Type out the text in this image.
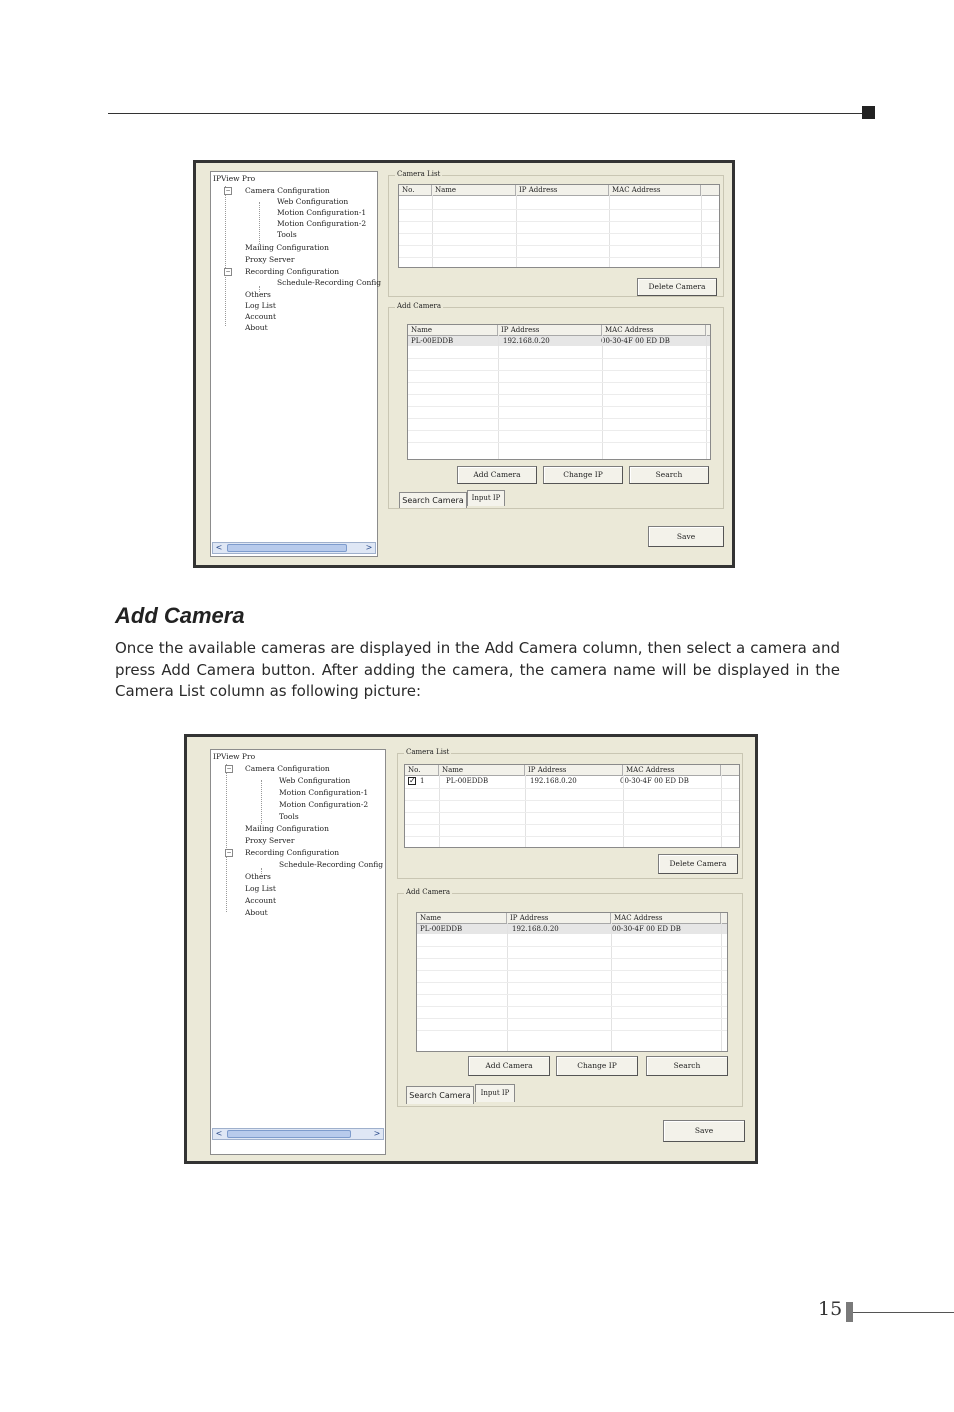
IPView Pro
− Camera Configuration
Web Configuration
Motion Configuration-1
Motion Configuration-2
Tools
Mailing Configuration
Proxy Server
− Recording Configuration
Schedule-Recording Config
Others
Log List
Account
About
<	>
Camera List
No.	Name	IP Address	MAC Address
Delete Camera
Add Camera
Name	IP Address	MAC Address
PL-00EDDB	192.168.0.20	00-30-4F 00 ED DB
Add Camera	Change IP	Search
Search Camera	Input IP
Save
Add Camera
Once the available cameras are displayed in the Add Camera column, then select a camera and press Add Camera button. After adding the camera, the camera name will be displayed in the Camera List column as following picture:
IPView Pro
− Camera Configuration
Web Configuration
Motion Configuration-1
Motion Configuration-2
Tools
Mailing Configuration
Proxy Server
− Recording Configuration
Schedule-Recording Config
Others
Log List
Account
About
<	>
Camera List
No.	Name	IP Address	MAC Address
✓ 1	PL-00EDDB	192.168.0.20	00-30-4F 00 ED DB
Delete Camera
Add Camera
Name	IP Address	MAC Address
PL-00EDDB	192.168.0.20	00-30-4F 00 ED DB
Add Camera	Change IP	Search
Search Camera	Input IP
Save
15
